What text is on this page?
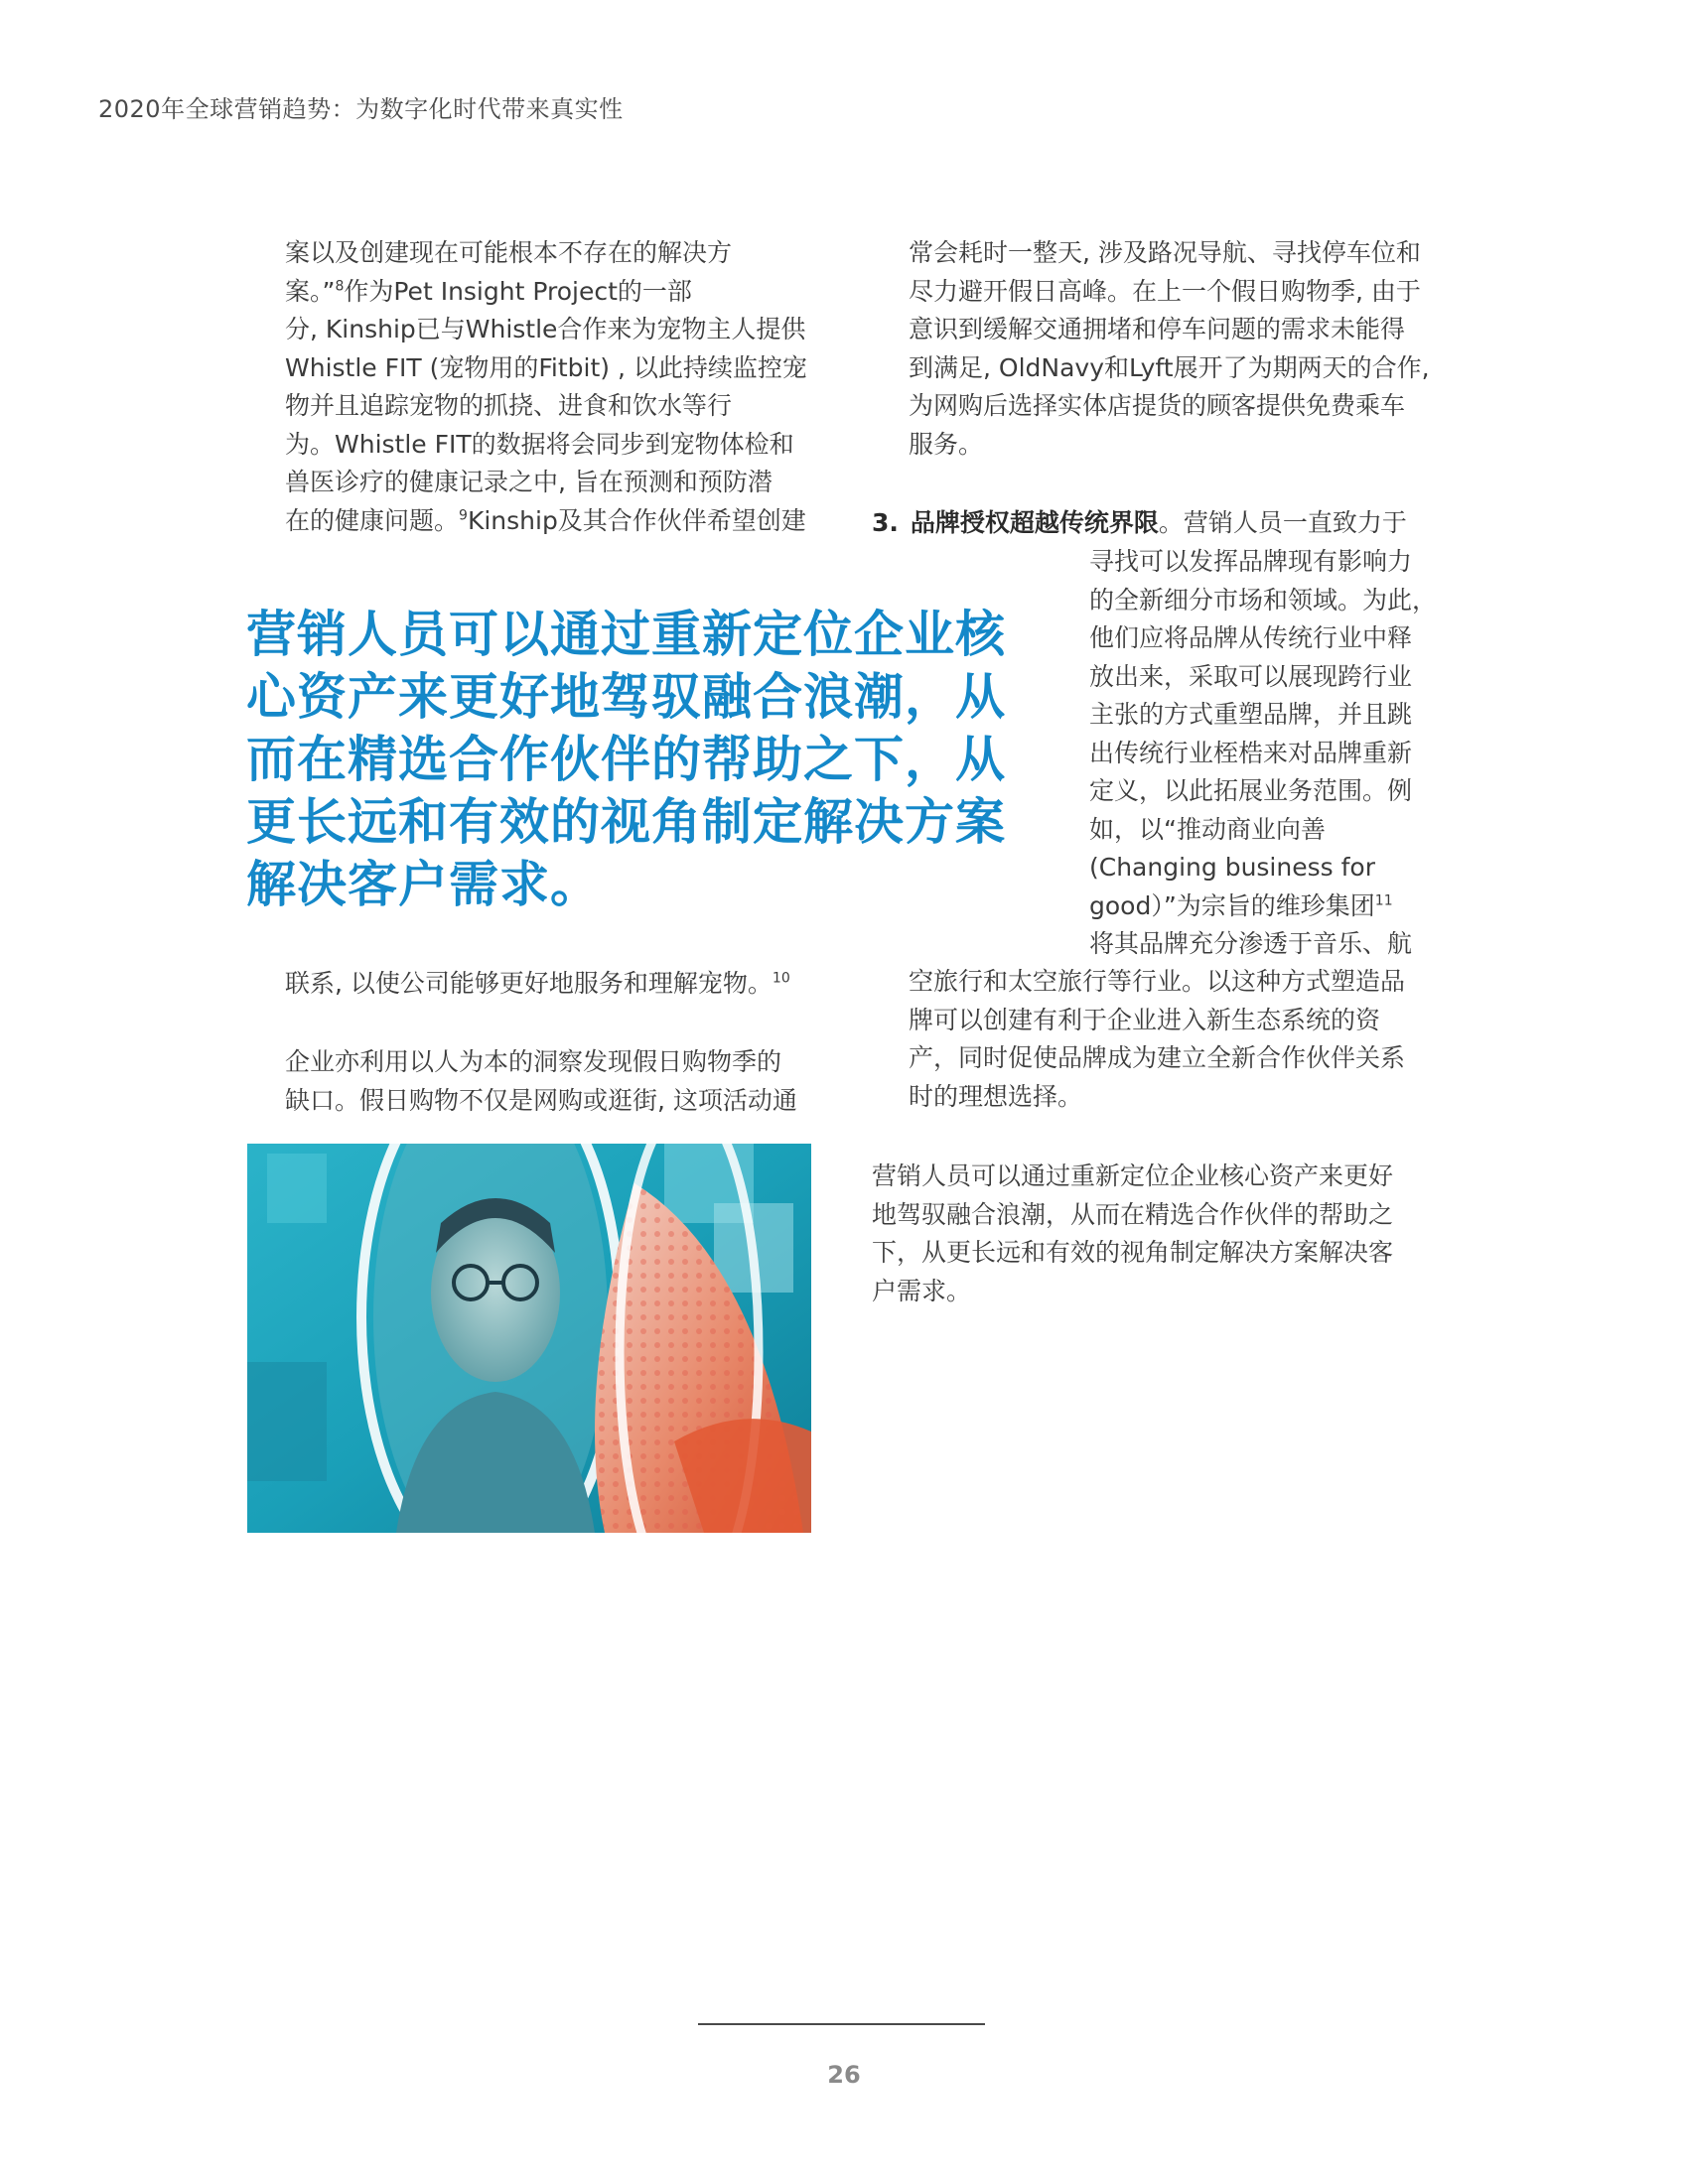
2020年全球营销趋势：为数字化时代带来真实性
案以及创建现在可能根本不存在的解决方
案。”$^8$作为Pet Insight Project的一部
分, Kinship已与Whistle合作来为宠物主人提供
Whistle FIT (宠物用的Fitbit) , 以此持续监控宠
物并且追踪宠物的抓挠、进食和饮水等行
为。Whistle FIT的数据将会同步到宠物体检和
兽医诊疗的健康记录之中, 旨在预测和预防潜
在的健康问题。$^9$Kinship及其合作伙伴希望创建
常会耗时一整天, 涉及路况导航、寻找停车位和
尽力避开假日高峰。在上一个假日购物季, 由于
意识到缓解交通拥堵和停车问题的需求未能得
到满足, OldNavy和Lyft展开了为期两天的合作,
为网购后选择实体店提货的顾客提供免费乘车
服务。
3. 品牌授权超越传统界限。营销人员一直致力于
寻找可以发挥品牌现有影响力
的全新细分市场和领域。为此，
他们应将品牌从传统行业中释
放出来，采取可以展现跨行业
主张的方式重塑品牌，并且跳
出传统行业桎梏来对品牌重新
定义，以此拓展业务范围。例
如，以“推动商业向善
(Changing business for
good）”为宗旨的维珍集团$^{11}$
将其品牌充分渗透于音乐、航
空旅行和太空旅行等行业。以这种方式塑造品
牌可以创建有利于企业进入新生态系统的资
产，同时促使品牌成为建立全新合作伙伴关系
时的理想选择。
营销人员可以通过重新定位企业核
心资产来更好地驾驭融合浪潮，从
而在精选合作伙伴的帮助之下，从
更长远和有效的视角制定解决方案
解决客户需求。
联系, 以使公司能够更好地服务和理解宠物。$^{10}$
企业亦利用以人为本的洞察发现假日购物季的
缺口。假日购物不仅是网购或逛街, 这项活动通
营销人员可以通过重新定位企业核心资产来更好
地驾驭融合浪潮，从而在精选合作伙伴的帮助之
下，从更长远和有效的视角制定解决方案解决客
户需求。
26
